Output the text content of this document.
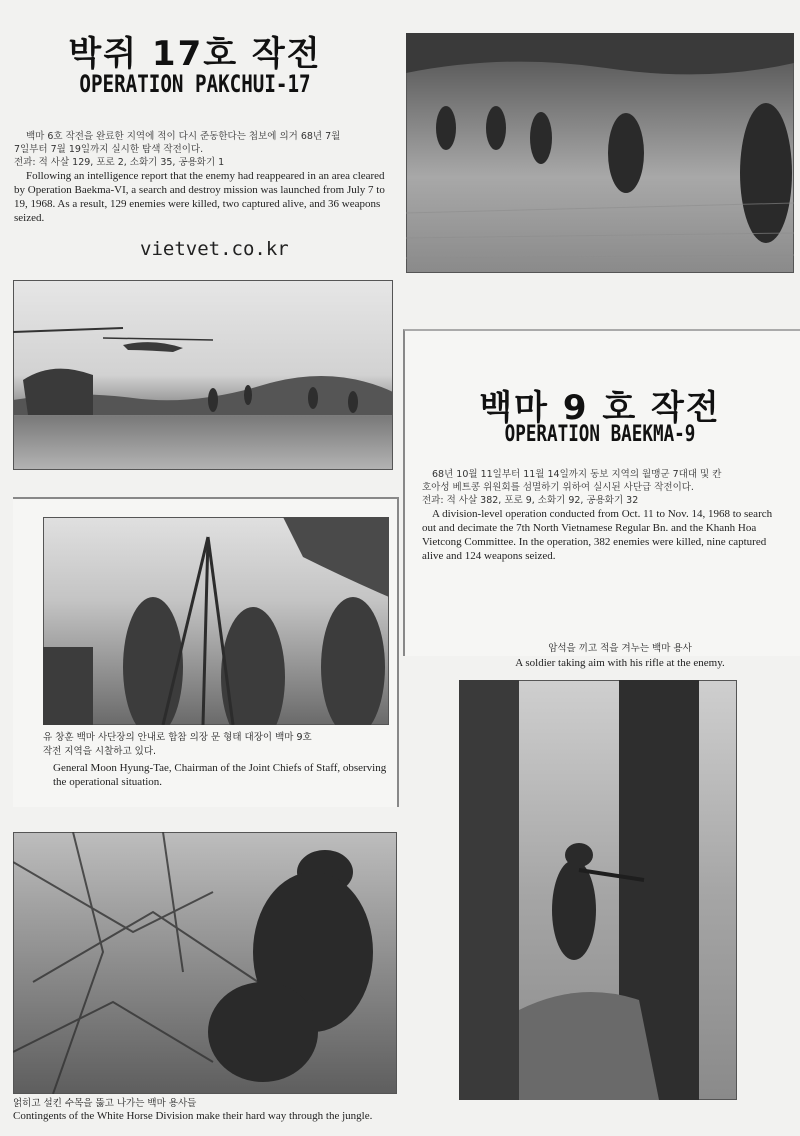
박쥐 17호 작전
OPERATION PAKCHUI-17
백마 6호 작전을 완료한 지역에 적이 다시 준동한다는 첩보에 의거 68년 7월
7일부터 7월 19일까지 실시한 탐색 작전이다.
전과: 적 사살 129, 포로 2, 소화기 35, 공용화기 1
Following an intelligence report that the enemy had reappeared in an area cleared by Operation Baekma-VI, a search and destroy mission was launched from July 7 to 19, 1968. As a result, 129 enemies were killed, two captured alive, and 36 weapons seized.
vietvet.co.kr
백마 9 호 작전
OPERATION BAEKMA-9
68년 10월 11일부터 11월 14일까지 동보 지역의 월맹군 7대대 및 칸
호아성 베트콩 위원회를 섬멸하기 위하여 실시된 사단급 작전이다.
전과: 적 사살 382, 포로 9, 소화기 92, 공용화기 32
A division-level operation conducted from Oct. 11 to Nov. 14, 1968 to search out and decimate the 7th North Vietnamese Regular Bn. and the Khanh Hoa Vietcong Committee. In the operation, 382 enemies were killed, nine captured alive and 124 weapons seized.
유 창훈 백마 사단장의 안내로 합참 의장 문 형태 대장이 백마 9호
작전 지역을 시찰하고 있다.
General Moon Hyung-Tae, Chairman of the Joint Chiefs of Staff, observing the operational situation.
암석을 끼고 적을 겨누는 백마 용사
A soldier taking aim with his rifle at the enemy.
얽히고 설킨 수목을 뚫고 나가는 백마 용사들
Contingents of the White Horse Division make their hard way through the jungle.
